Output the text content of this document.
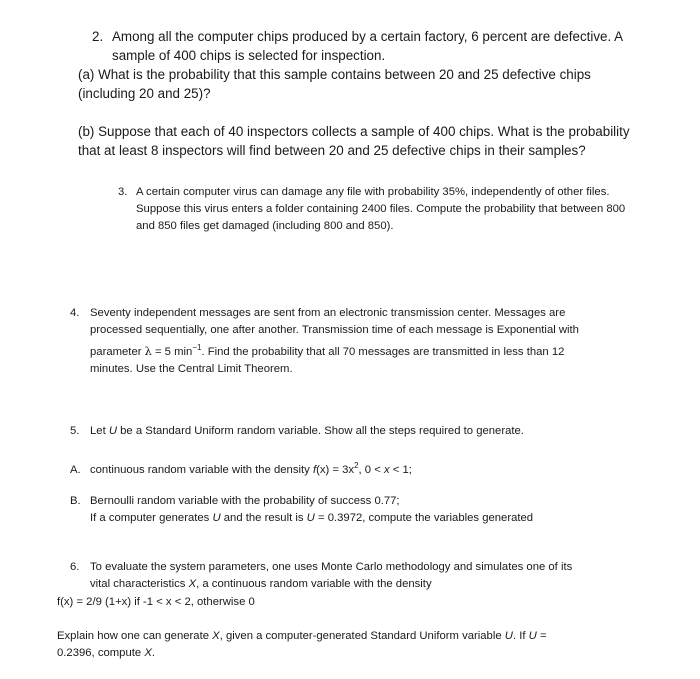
2. Among all the computer chips produced by a certain factory, 6 percent are defective. A
sample of 400 chips is selected for inspection.
(a) What is the probability that this sample contains between 20 and 25 defective chips
(including 20 and 25)?
(b) Suppose that each of 40 inspectors collects a sample of 400 chips. What is the probability
that at least 8 inspectors will find between 20 and 25 defective chips in their samples?
3. A certain computer virus can damage any file with probability 35%, independently of other files.
Suppose this virus enters a folder containing 2400 files. Compute the probability that between 800
and 850 files get damaged (including 800 and 850).
4. Seventy independent messages are sent from an electronic transmission center. Messages are
processed sequentially, one after another. Transmission time of each message is Exponential with
parameter λ = 5 $\min^{-1}$. Find the probability that all 70 messages are transmitted in less than 12
minutes. Use the Central Limit Theorem.
5. Let U be a Standard Uniform random variable. Show all the steps required to generate.
A. continuous random variable with the density $f(x) = 3x^2$, 0 < x < 1;
B. Bernoulli random variable with the probability of success 0.77;
If a computer generates U and the result is U = 0.3972, compute the variables generated
6. To evaluate the system parameters, one uses Monte Carlo methodology and simulates one of its
vital characteristics X, a continuous random variable with the density
f(x) = 2/9 (1+x) if -1 < x < 2, otherwise 0
Explain how one can generate X, given a computer-generated Standard Uniform variable U. If U =
0.2396, compute X.
